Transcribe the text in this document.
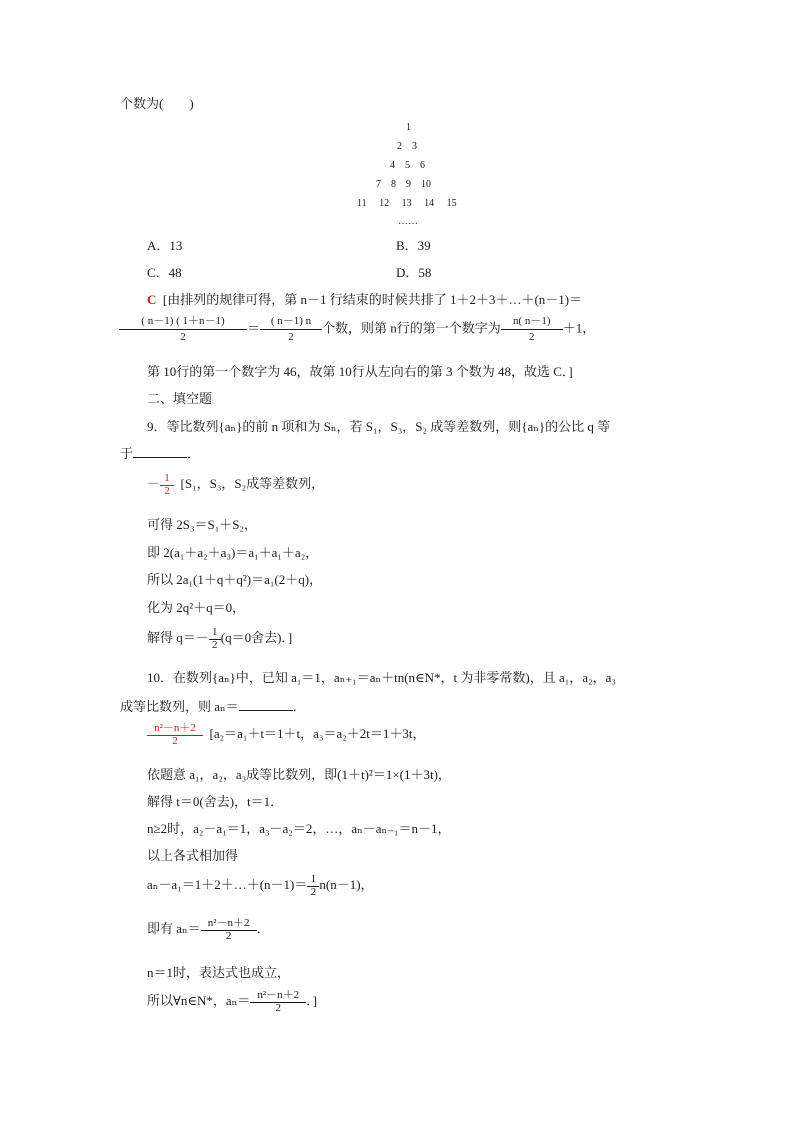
个数为(　　)
1
2 3
4 5 6
7 8 9 10
11 12 13 14 15
……
A．13	B．39
C．48	D．58
C [由排列的规律可得，第 n－1 行结束的时候共排了 1＋2＋3＋…＋(n－1)＝
$\frac{( n-1) ( 1+n-1)}{2} = \frac{( n-1) n}{2}$ 个数，则第 n行的第一个数字为 $\frac{n( n-1)}{2} +1$，
第 10行的第一个数字为 46，故第 10行从左向右的第 3 个数为 48，故选 C．]
二、填空题
9．等比数列{aₙ}的前 n 项和为 Sₙ，若 S₁，S₃，S₂ 成等差数列，则{aₙ}的公比 q 等
于	．
－ $\frac{1}{2} [S_1$，S₃，S₂成等差数列，
可得 2S₃＝S₁＋S₂，
即 2(a₁＋a₂＋a₃)＝a₁＋a₁＋a₂，
所以 2a₁(1＋q＋q²)＝a₁(2＋q)，
化为 2q²＋q＝0，
解得 $q=- \frac{1}{2}(q=0$舍去)．]
10．在数列{aₙ}中，已知 a₁＝1，aₙ₊₁＝aₙ＋tn(n∈N*，t 为非零常数)，且 a₁，a₂，a₃
成等比数列，则 aₙ＝	．
$\frac{\text{n²－n＋2}}{2} [a_2=a_1+t=1+t$，a₃＝a₂＋2t＝1＋3t，
依题意 a₁，a₂，a₃成等比数列，即(1＋t)²＝1×(1＋3t)，
解得 t＝0(舍去)，t＝1．
n≥2时，a₂－a₁＝1，a₃－a₂＝2，…，aₙ－aₙ₋₁＝n－1，
以上各式相加得
aₙ－a₁＝1＋2＋…＋(n－1)＝ $\frac{1}{2}n(n-1)$，
即有 $a_n= \frac{\text{n²－n＋2}}{2}$．
n＝1时，表达式也成立，
所以∀n∈N*，$a_n= \frac{\text{n²－n＋2}}{2}$．]
